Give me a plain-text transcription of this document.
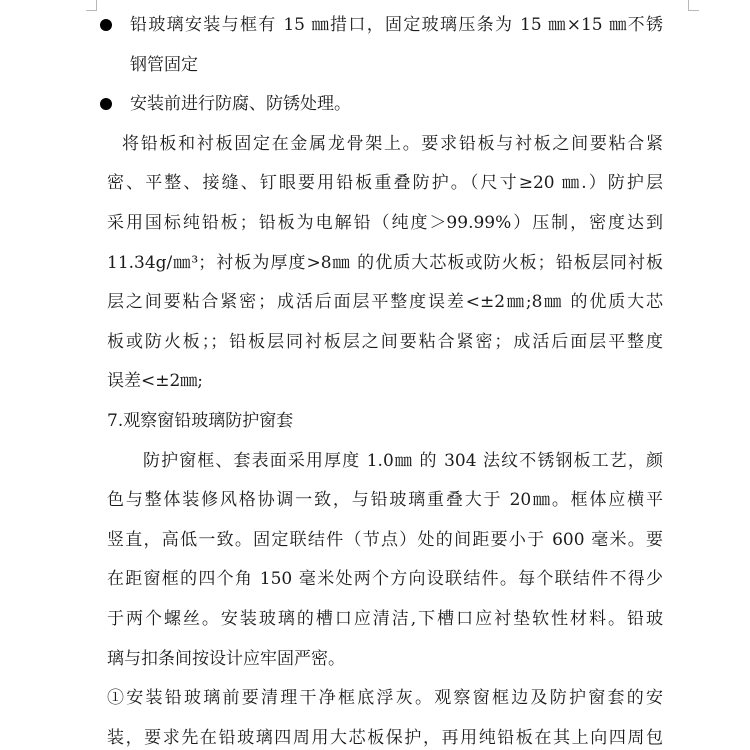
铅玻璃安装与框有 15 ㎜措口，固定玻璃压条为 15 ㎜×15 ㎜不锈
钢管固定
安装前进行防腐、防锈处理。
将铅板和衬板固定在金属龙骨架上。要求铅板与衬板之间要粘合紧
密、平整、接缝、钉眼要用铅板重叠防护。（尺寸≥20 ㎜.）防护层
采用国标纯铅板；铅板为电解铅（纯度＞99.99%）压制，密度达到
11.34g/㎜³；衬板为厚度>8㎜ 的优质大芯板或防火板；铅板层同衬板
层之间要粘合紧密；成活后面层平整度误差<±2㎜;8㎜ 的优质大芯
板或防火板；；铅板层同衬板层之间要粘合紧密；成活后面层平整度
误差<±2㎜;
7.观察窗铅玻璃防护窗套
防护窗框、套表面采用厚度 1.0㎜ 的 304 法纹不锈钢板工艺，颜
色与整体装修风格协调一致，与铅玻璃重叠大于 20㎜。框体应横平
竖直，高低一致。固定联结件（节点）处的间距要小于 600 毫米。要
在距窗框的四个角 150 毫米处两个方向设联结件。每个联结件不得少
于两个螺丝。安装玻璃的槽口应清洁,下槽口应衬垫软性材料。铅玻
璃与扣条间按设计应牢固严密。
①安装铅玻璃前要清理干净框底浮灰。观察窗框边及防护窗套的安
装，要求先在铅玻璃四周用大芯板保护，再用纯铅板在其上向四周包
